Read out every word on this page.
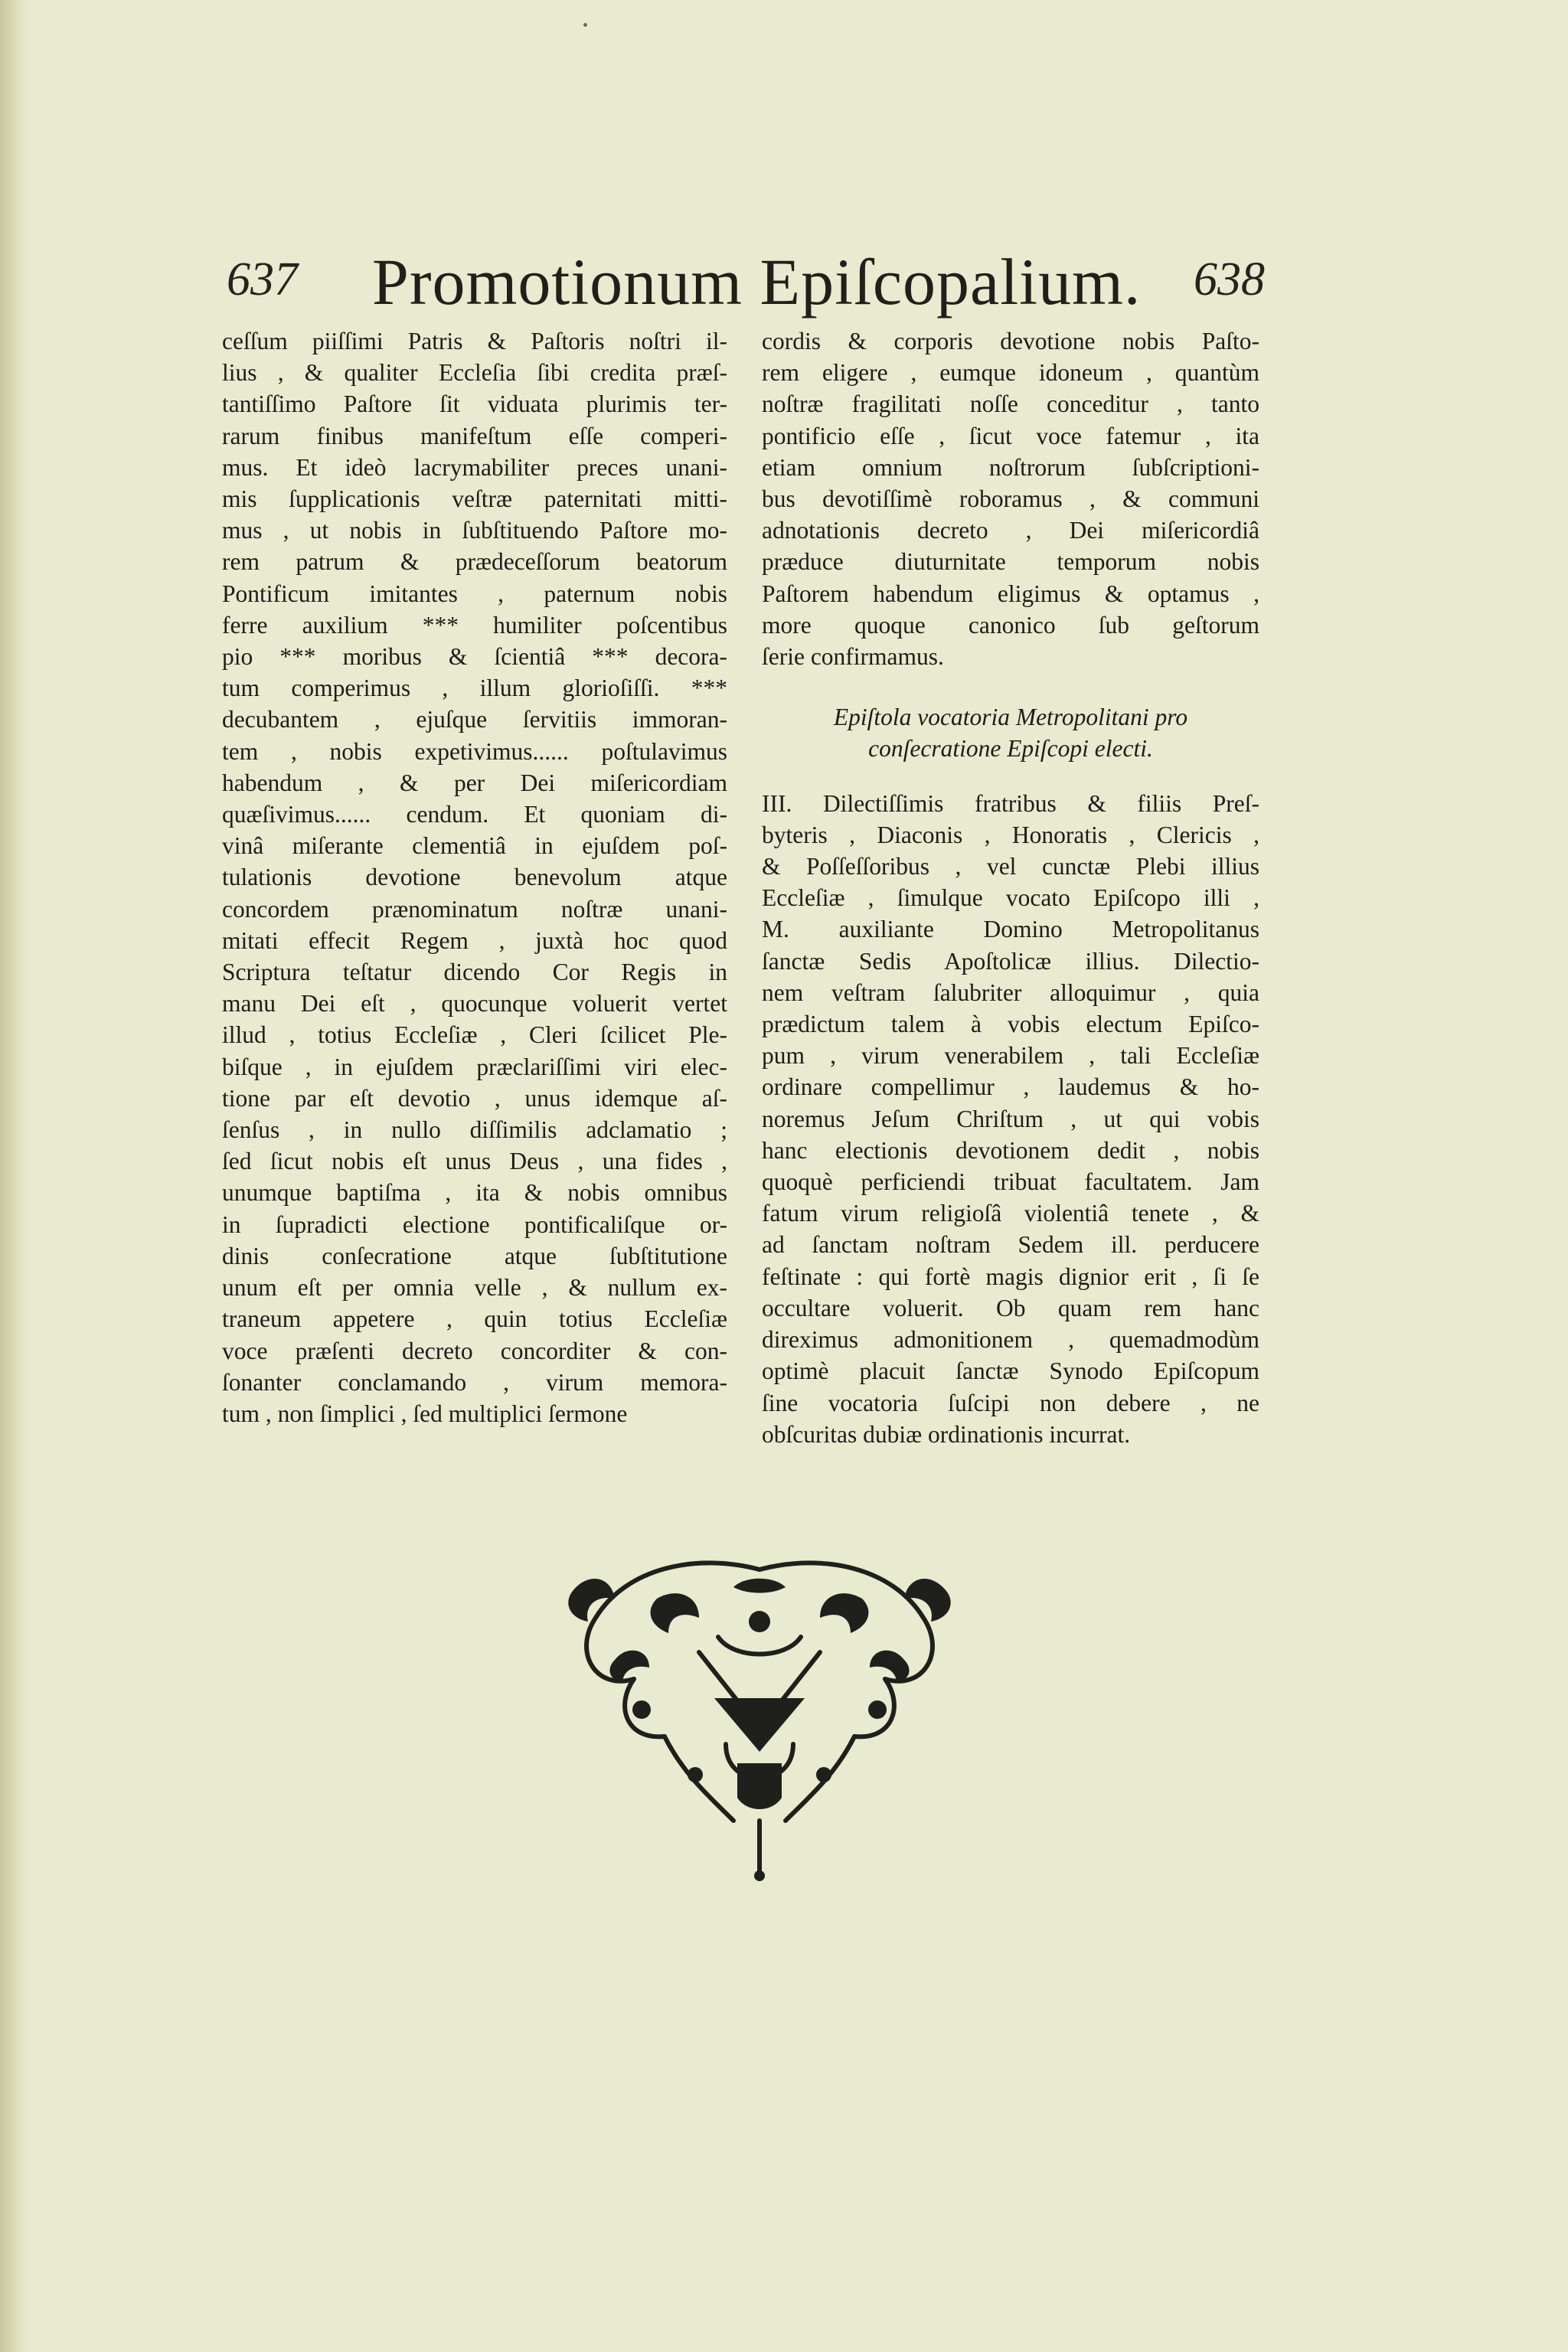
637 Promotionum Epiſcopalium. 638
ceſſum piiſſimi Patris & Paſtoris noſtri il-
lius , & qualiter Eccleſia ſibi credita præſ-
tantiſſimo Paſtore ſit viduata plurimis ter-
rarum finibus manifeſtum eſſe comperi-
mus. Et ideò lacrymabiliter preces unani-
mis ſupplicationis veſtræ paternitati mitti-
mus , ut nobis in ſubſtituendo Paſtore mo-
rem patrum & prædeceſſorum beatorum
Pontificum imitantes , paternum nobis
ferre auxilium *** humiliter poſcentibus
pio *** moribus & ſcientiâ *** decora-
tum comperimus , illum glorioſiſſi. ***
decubantem , ejuſque ſervitiis immoran-
tem , nobis expetivimus...... poſtulavimus
habendum , & per Dei miſericordiam
quæſivimus...... cendum. Et quoniam di-
vinâ miſerante clementiâ in ejuſdem poſ-
tulationis devotione benevolum atque
concordem prænominatum noſtræ unani-
mitati effecit Regem , juxtà hoc quod
Scriptura teſtatur dicendo Cor Regis in
manu Dei eſt , quocunque voluerit vertet
illud , totius Eccleſiæ , Cleri ſcilicet Ple-
biſque , in ejuſdem præclariſſimi viri elec-
tione par eſt devotio , unus idemque aſ-
ſenſus , in nullo diſſimilis adclamatio ;
ſed ſicut nobis eſt unus Deus , una fides ,
unumque baptiſma , ita & nobis omnibus
in ſupradicti electione pontificaliſque or-
dinis conſecratione atque ſubſtitutione
unum eſt per omnia velle , & nullum ex-
traneum appetere , quin totius Eccleſiæ
voce præſenti decreto concorditer & con-
ſonanter conclamando , virum memora-
tum , non ſimplici , ſed multiplici ſermone
cordis & corporis devotione nobis Paſto-
rem eligere , eumque idoneum , quantùm
noſtræ fragilitati noſſe conceditur , tanto
pontificio eſſe , ſicut voce fatemur , ita
etiam omnium noſtrorum ſubſcriptioni-
bus devotiſſimè roboramus , & communi
adnotationis decreto , Dei miſericordiâ
præduce diuturnitate temporum nobis
Paſtorem habendum eligimus & optamus ,
more quoque canonico ſub geſtorum
ſerie confirmamus.
Epiſtola vocatoria Metropolitani pro
conſecratione Epiſcopi electi.
III. Dilectiſſimis fratribus & filiis Preſ-
byteris , Diaconis , Honoratis , Clericis ,
& Poſſeſſoribus , vel cunctæ Plebi illius
Eccleſiæ , ſimulque vocato Epiſcopo illi ,
M. auxiliante Domino Metropolitanus
ſanctæ Sedis Apoſtolicæ illius. Dilectio-
nem veſtram ſalubriter alloquimur , quia
prædictum talem à vobis electum Epiſco-
pum , virum venerabilem , tali Eccleſiæ
ordinare compellimur , laudemus & ho-
noremus Jeſum Chriſtum , ut qui vobis
hanc electionis devotionem dedit , nobis
quoquè perficiendi tribuat facultatem. Jam
fatum virum religioſâ violentiâ tenete , &
ad ſanctam noſtram Sedem ill. perducere
feſtinate : qui fortè magis dignior erit , ſi ſe
occultare voluerit. Ob quam rem hanc
direximus admonitionem , quemadmodùm
optimè placuit ſanctæ Synodo Epiſcopum
ſine vocatoria ſuſcipi non debere , ne
obſcuritas dubiæ ordinationis incurrat.
